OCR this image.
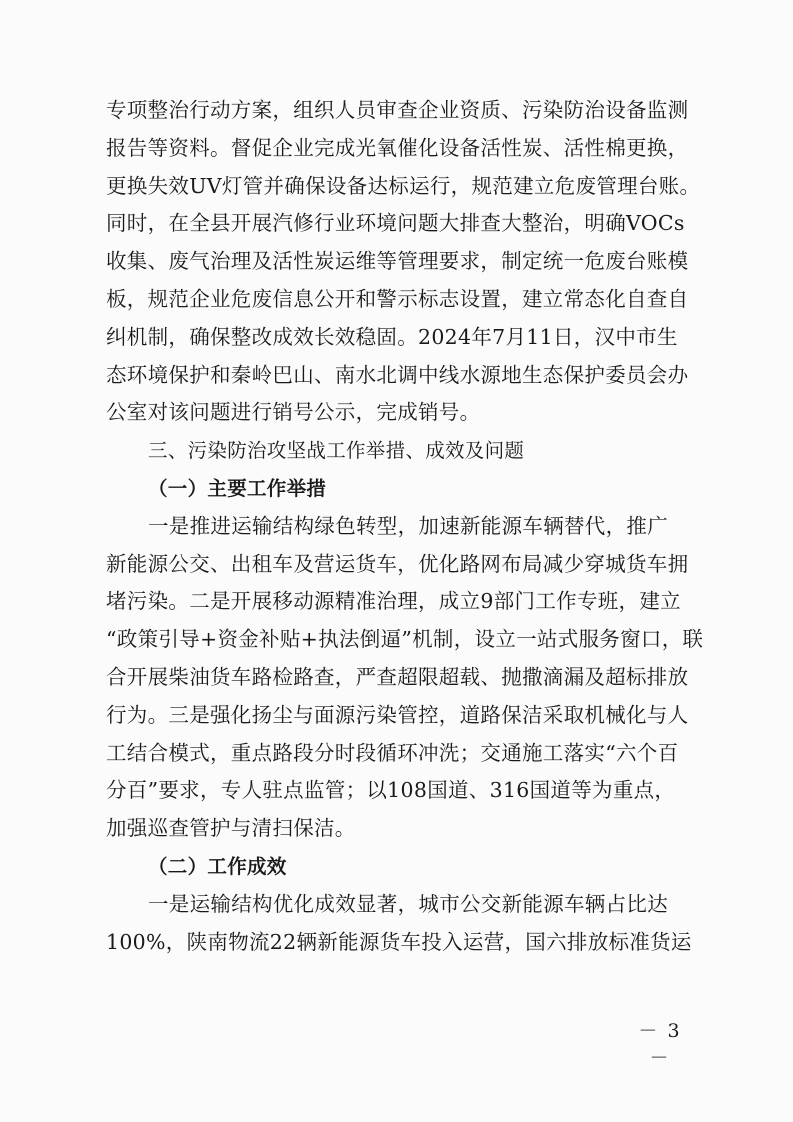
专项整治行动方案，组织人员审查企业资质、污染防治设备监测
报告等资料。督促企业完成光氧催化设备活性炭、活性棉更换，
更换失效UV灯管并确保设备达标运行，规范建立危废管理台账。
同时，在全县开展汽修行业环境问题大排查大整治，明确VOCs
收集、废气治理及活性炭运维等管理要求，制定统一危废台账模
板，规范企业危废信息公开和警示标志设置，建立常态化自查自
纠机制，确保整改成效长效稳固。2024年7月11日，汉中市生
态环境保护和秦岭巴山、南水北调中线水源地生态保护委员会办
公室对该问题进行销号公示，完成销号。
三、污染防治攻坚战工作举措、成效及问题
（一）主要工作举措
一是推进运输结构绿色转型，加速新能源车辆替代，推广
新能源公交、出租车及营运货车，优化路网布局减少穿城货车拥
堵污染。二是开展移动源精准治理，成立9部门工作专班，建立
“政策引导+资金补贴+执法倒逼”机制，设立一站式服务窗口，联
合开展柴油货车路检路查，严查超限超载、抛撒滴漏及超标排放
行为。三是强化扬尘与面源污染管控，道路保洁采取机械化与人
工结合模式，重点路段分时段循环冲洗；交通施工落实“六个百
分百”要求，专人驻点监管；以108国道、316国道等为重点，
加强巡查管护与清扫保洁。
（二）工作成效
一是运输结构优化成效显著，城市公交新能源车辆占比达
100%，陕南物流22辆新能源货车投入运营，国六排放标准货运
－ 3 －
